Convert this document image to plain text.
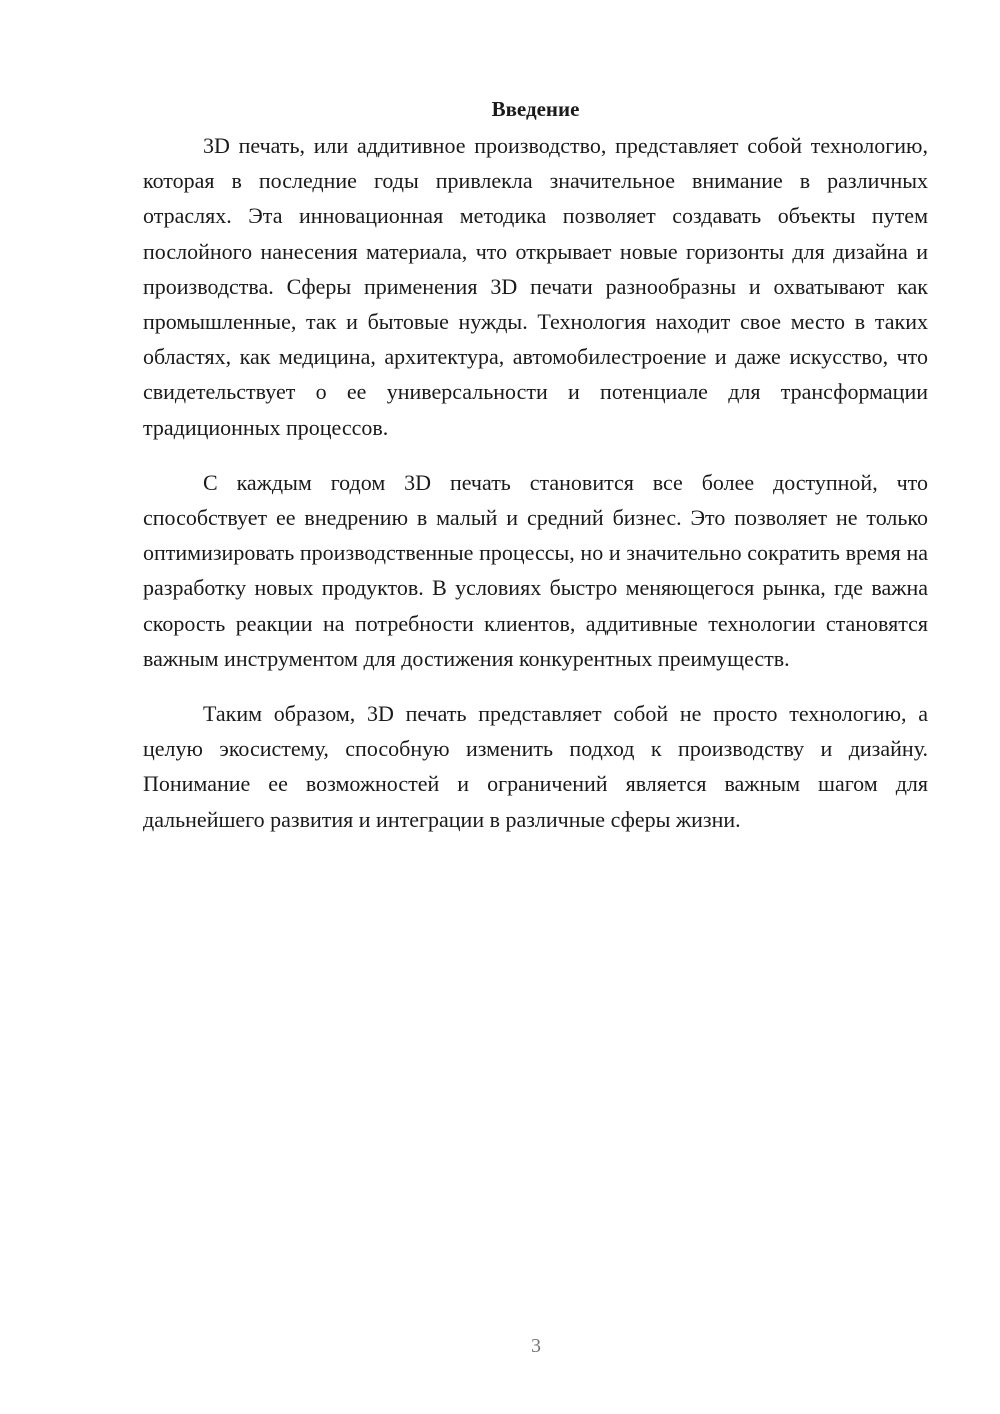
Введение

3D печать, или аддитивное производство, представляет собой технологию, которая в последние годы привлекла значительное внимание в различных отраслях. Эта инновационная методика позволяет создавать объекты путем послойного нанесения материала, что открывает новые горизонты для дизайна и производства. Сферы применения 3D печати разнообразны и охватывают как промышленные, так и бытовые нужды. Технология находит свое место в таких областях, как медицина, архитектура, автомобилестроение и даже искусство, что свидетельствует о ее универсальности и потенциале для трансформации традиционных процессов.

С каждым годом 3D печать становится все более доступной, что способствует ее внедрению в малый и средний бизнес. Это позволяет не только оптимизировать производственные процессы, но и значительно сократить время на разработку новых продуктов. В условиях быстро меняющегося рынка, где важна скорость реакции на потребности клиентов, аддитивные технологии становятся важным инструментом для достижения конкурентных преимуществ.

Таким образом, 3D печать представляет собой не просто технологию, а целую экосистему, способную изменить подход к производству и дизайну. Понимание ее возможностей и ограничений является важным шагом для дальнейшего развития и интеграции в различные сферы жизни.

3
